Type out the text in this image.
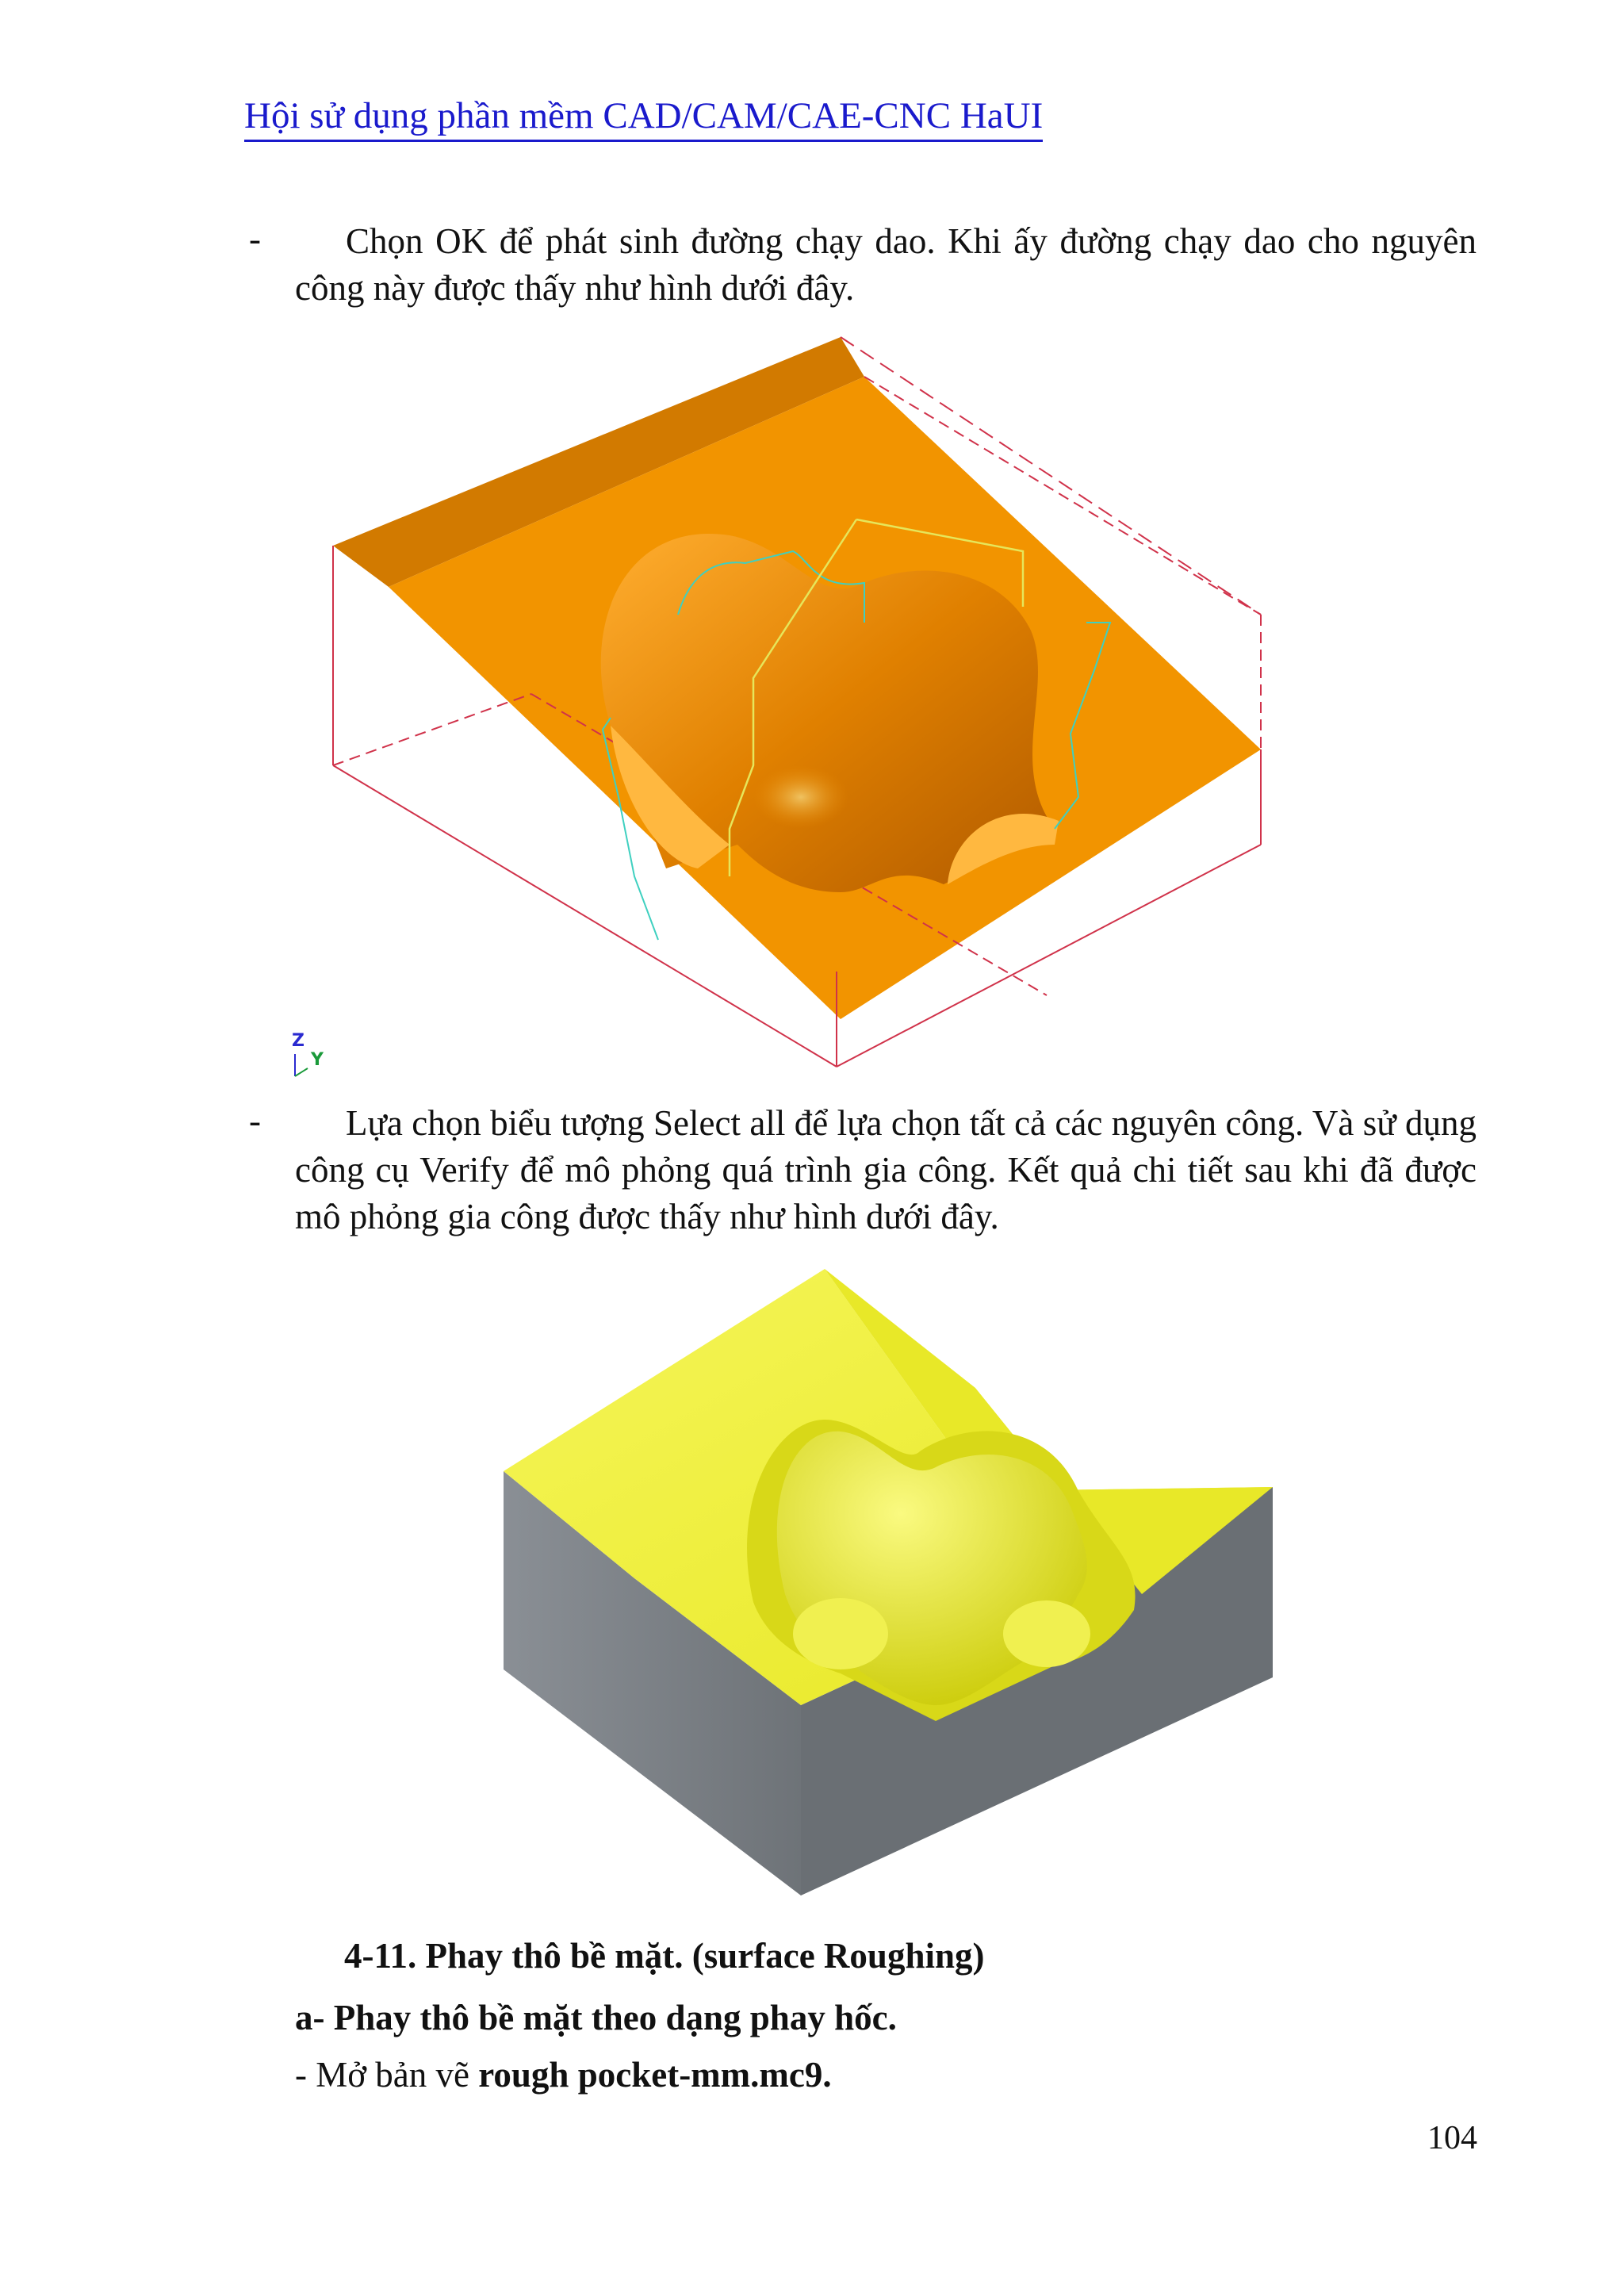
Hội sử dụng phần mềm CAD/CAM/CAE-CNC HaUI
-	Chọn OK để phát sinh đường chạy dao. Khi ấy đường chạy dao cho nguyên công này được thấy như hình dưới đây.
Z
Y
-	Lựa chọn biểu tượng Select all để lựa chọn tất cả các nguyên công. Và sử dụng công cụ Verify để mô phỏng quá trình gia công. Kết quả chi tiết sau khi đã được mô phỏng gia công được thấy như hình dưới đây.
4-11. Phay thô bề mặt. (surface Roughing)
a- Phay thô bề mặt theo dạng phay hốc.
- Mở bản vẽ rough pocket-mm.mc9.
104
